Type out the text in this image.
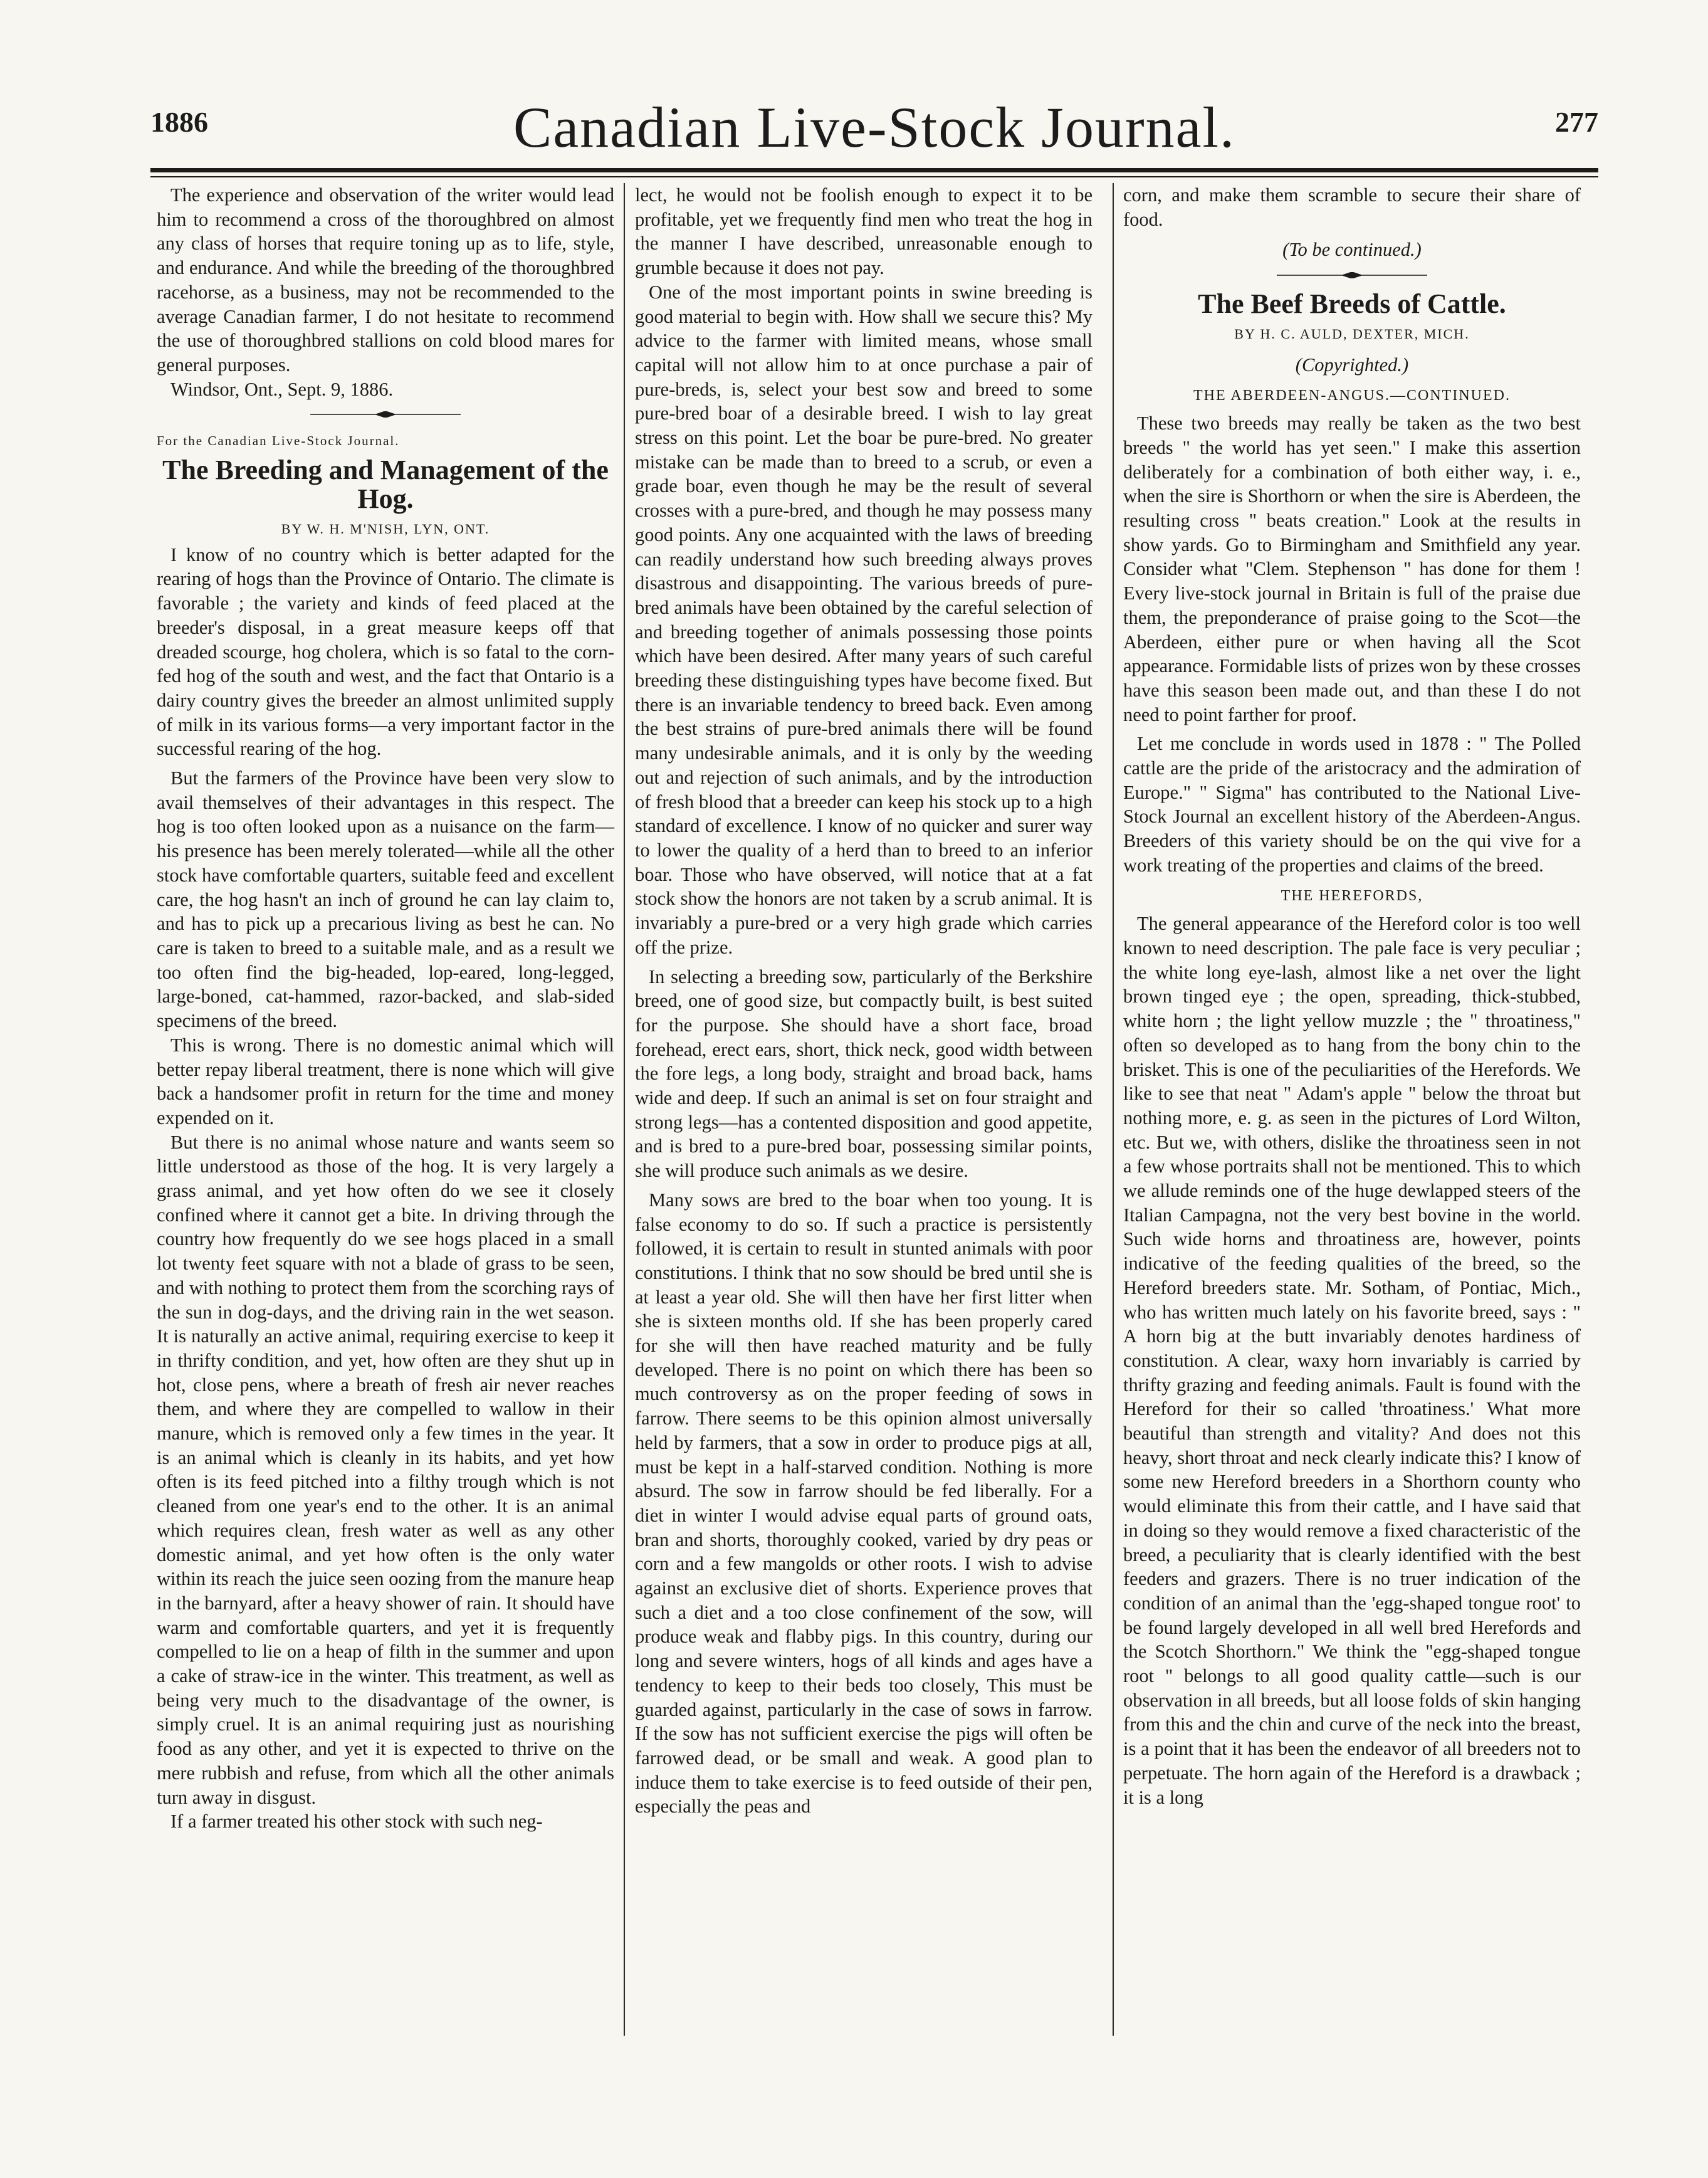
1886	Canadian Live-Stock Journal.	277

The experience and observation of the writer would lead him to recommend a cross of the thoroughbred on almost any class of horses that require toning up as to life, style, and endurance. And while the breeding of the thoroughbred racehorse, as a business, may not be recommended to the average Canadian farmer, I do not hesitate to recommend the use of thoroughbred stallions on cold blood mares for general purposes.

Windsor, Ont., Sept. 9, 1886.

For the Canadian Live-Stock Journal.

The Breeding and Management of the Hog.

BY W. H. M'NISH, LYN, ONT.

I know of no country which is better adapted for the rearing of hogs than the Province of Ontario. The climate is favorable ; the variety and kinds of feed placed at the breeder's disposal, in a great measure keeps off that dreaded scourge, hog cholera, which is so fatal to the corn-fed hog of the south and west, and the fact that Ontario is a dairy country gives the breeder an almost unlimited supply of milk in its various forms—a very important factor in the successful rearing of the hog.

But the farmers of the Province have been very slow to avail themselves of their advantages in this respect. The hog is too often looked upon as a nuisance on the farm—his presence has been merely tolerated—while all the other stock have comfortable quarters, suitable feed and excellent care, the hog hasn't an inch of ground he can lay claim to, and has to pick up a precarious living as best he can. No care is taken to breed to a suitable male, and as a result we too often find the big-headed, lop-eared, long-legged, large-boned, cat-hammed, razor-backed, and slab-sided specimens of the breed.

This is wrong. There is no domestic animal which will better repay liberal treatment, there is none which will give back a handsomer profit in return for the time and money expended on it.

But there is no animal whose nature and wants seem so little understood as those of the hog. It is very largely a grass animal, and yet how often do we see it closely confined where it cannot get a bite. In driving through the country how frequently do we see hogs placed in a small lot twenty feet square with not a blade of grass to be seen, and with nothing to protect them from the scorching rays of the sun in dog-days, and the driving rain in the wet season. It is naturally an active animal, requiring exercise to keep it in thrifty condition, and yet, how often are they shut up in hot, close pens, where a breath of fresh air never reaches them, and where they are compelled to wallow in their manure, which is removed only a few times in the year. It is an animal which is cleanly in its habits, and yet how often is its feed pitched into a filthy trough which is not cleaned from one year's end to the other. It is an animal which requires clean, fresh water as well as any other domestic animal, and yet how often is the only water within its reach the juice seen oozing from the manure heap in the barnyard, after a heavy shower of rain. It should have warm and comfortable quarters, and yet it is frequently compelled to lie on a heap of filth in the summer and upon a cake of straw-ice in the winter. This treatment, as well as being very much to the disadvantage of the owner, is simply cruel. It is an animal requiring just as nourishing food as any other, and yet it is expected to thrive on the mere rubbish and refuse, from which all the other animals turn away in disgust.

If a farmer treated his other stock with such neg-

lect, he would not be foolish enough to expect it to be profitable, yet we frequently find men who treat the hog in the manner I have described, unreasonable enough to grumble because it does not pay.

One of the most important points in swine breeding is good material to begin with. How shall we secure this? My advice to the farmer with limited means, whose small capital will not allow him to at once purchase a pair of pure-breds, is, select your best sow and breed to some pure-bred boar of a desirable breed. I wish to lay great stress on this point. Let the boar be pure-bred. No greater mistake can be made than to breed to a scrub, or even a grade boar, even though he may be the result of several crosses with a pure-bred, and though he may possess many good points. Any one acquainted with the laws of breeding can readily understand how such breeding always proves disastrous and disappointing. The various breeds of pure-bred animals have been obtained by the careful selection of and breeding together of animals possessing those points which have been desired. After many years of such careful breeding these distinguishing types have become fixed. But there is an invariable tendency to breed back. Even among the best strains of pure-bred animals there will be found many undesirable animals, and it is only by the weeding out and rejection of such animals, and by the introduction of fresh blood that a breeder can keep his stock up to a high standard of excellence. I know of no quicker and surer way to lower the quality of a herd than to breed to an inferior boar. Those who have observed, will notice that at a fat stock show the honors are not taken by a scrub animal. It is invariably a pure-bred or a very high grade which carries off the prize.

In selecting a breeding sow, particularly of the Berkshire breed, one of good size, but compactly built, is best suited for the purpose. She should have a short face, broad forehead, erect ears, short, thick neck, good width between the fore legs, a long body, straight and broad back, hams wide and deep. If such an animal is set on four straight and strong legs—has a contented disposition and good appetite, and is bred to a pure-bred boar, possessing similar points, she will produce such animals as we desire.

Many sows are bred to the boar when too young. It is false economy to do so. If such a practice is persistently followed, it is certain to result in stunted animals with poor constitutions. I think that no sow should be bred until she is at least a year old. She will then have her first litter when she is sixteen months old. If she has been properly cared for she will then have reached maturity and be fully developed. There is no point on which there has been so much controversy as on the proper feeding of sows in farrow. There seems to be this opinion almost universally held by farmers, that a sow in order to produce pigs at all, must be kept in a half-starved condition. Nothing is more absurd. The sow in farrow should be fed liberally. For a diet in winter I would advise equal parts of ground oats, bran and shorts, thoroughly cooked, varied by dry peas or corn and a few mangolds or other roots. I wish to advise against an exclusive diet of shorts. Experience proves that such a diet and a too close confinement of the sow, will produce weak and flabby pigs. In this country, during our long and severe winters, hogs of all kinds and ages have a tendency to keep to their beds too closely, This must be guarded against, particularly in the case of sows in farrow. If the sow has not sufficient exercise the pigs will often be farrowed dead, or be small and weak. A good plan to induce them to take exercise is to feed outside of their pen, especially the peas and

corn, and make them scramble to secure their share of food.

(To be continued.)

The Beef Breeds of Cattle.

BY H. C. AULD, DEXTER, MICH.

(Copyrighted.)

THE ABERDEEN-ANGUS.—CONTINUED.

These two breeds may really be taken as the two best breeds " the world has yet seen." I make this assertion deliberately for a combination of both either way, i. e., when the sire is Shorthorn or when the sire is Aberdeen, the resulting cross " beats creation." Look at the results in show yards. Go to Birmingham and Smithfield any year. Consider what "Clem. Stephenson " has done for them ! Every live-stock journal in Britain is full of the praise due them, the preponderance of praise going to the Scot—the Aberdeen, either pure or when having all the Scot appearance. Formidable lists of prizes won by these crosses have this season been made out, and than these I do not need to point farther for proof.

Let me conclude in words used in 1878 : " The Polled cattle are the pride of the aristocracy and the admiration of Europe." " Sigma" has contributed to the National Live-Stock Journal an excellent history of the Aberdeen-Angus. Breeders of this variety should be on the qui vive for a work treating of the properties and claims of the breed.

THE HEREFORDS,

The general appearance of the Hereford color is too well known to need description. The pale face is very peculiar ; the white long eye-lash, almost like a net over the light brown tinged eye ; the open, spreading, thick-stubbed, white horn ; the light yellow muzzle ; the " throatiness," often so developed as to hang from the bony chin to the brisket. This is one of the peculiarities of the Herefords. We like to see that neat " Adam's apple " below the throat but nothing more, e. g. as seen in the pictures of Lord Wilton, etc. But we, with others, dislike the throatiness seen in not a few whose portraits shall not be mentioned. This to which we allude reminds one of the huge dewlapped steers of the Italian Campagna, not the very best bovine in the world. Such wide horns and throatiness are, however, points indicative of the feeding qualities of the breed, so the Hereford breeders state. Mr. Sotham, of Pontiac, Mich., who has written much lately on his favorite breed, says : " A horn big at the butt invariably denotes hardiness of constitution. A clear, waxy horn invariably is carried by thrifty grazing and feeding animals. Fault is found with the Hereford for their so called 'throatiness.' What more beautiful than strength and vitality? And does not this heavy, short throat and neck clearly indicate this? I know of some new Hereford breeders in a Shorthorn county who would eliminate this from their cattle, and I have said that in doing so they would remove a fixed characteristic of the breed, a peculiarity that is clearly identified with the best feeders and grazers. There is no truer indication of the condition of an animal than the 'egg-shaped tongue root' to be found largely developed in all well bred Herefords and the Scotch Shorthorn." We think the "egg-shaped tongue root " belongs to all good quality cattle—such is our observation in all breeds, but all loose folds of skin hanging from this and the chin and curve of the neck into the breast, is a point that it has been the endeavor of all breeders not to perpetuate. The horn again of the Hereford is a drawback ; it is a long
